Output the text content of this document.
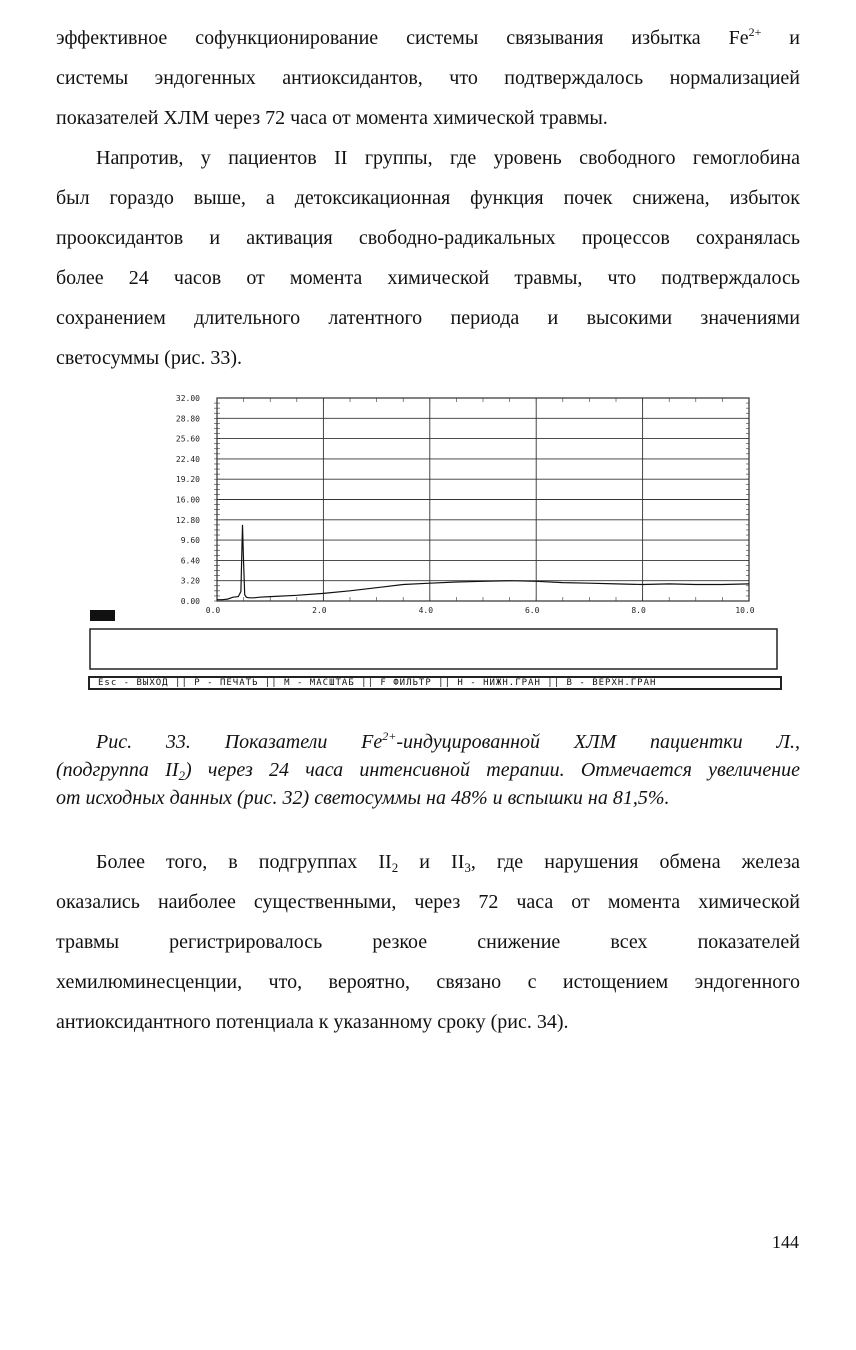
эффективное софункционирование системы связывания избытка $Fe^{2+}$ и
системы эндогенных антиоксидантов, что подтверждалось нормализацией
показателей ХЛМ через 72 часа от момента химической травмы.
Напротив, у пациентов II группы, где уровень свободного гемоглобина
был гораздо выше, а детоксикационная функция почек снижена, избыток
прооксидантов и активация свободно-радикальных процессов сохранялась
более 24 часов от момента химической травмы, что подтверждалось
сохранением длительного латентного периода и высокими значениями
светосуммы (рис. 33).
32.00
28.80
25.60
22.40
19.20
16.00
12.80
9.60
6.40
3.20
0.00
0.0	2.0	4.0	6.0	8.0	10.0
Esc - ВЫХОД || P - ПЕЧАТЬ || M - МАСШТАБ || F ФИЛЬТР || H - НИЖН.ГРАН || B - ВЕРХН.ГРАН
Рис. 33. Показатели $Fe^{2+}$-индуцированной ХЛМ пациентки Л.,
(подгруппа $II_2$) через 24 часа интенсивной терапии. Отмечается увеличение
от исходных данных (рис. 32) светосуммы на 48% и вспышки на 81,5%.
Более того, в подгруппах $II_2$ и $II_3$, где нарушения обмена железа
оказались наиболее существенными, через 72 часа от момента химической
травмы регистрировалось резкое снижение всех показателей
хемилюминесценции, что, вероятно, связано с истощением эндогенного
антиоксидантного потенциала к указанному сроку (рис. 34).
144
